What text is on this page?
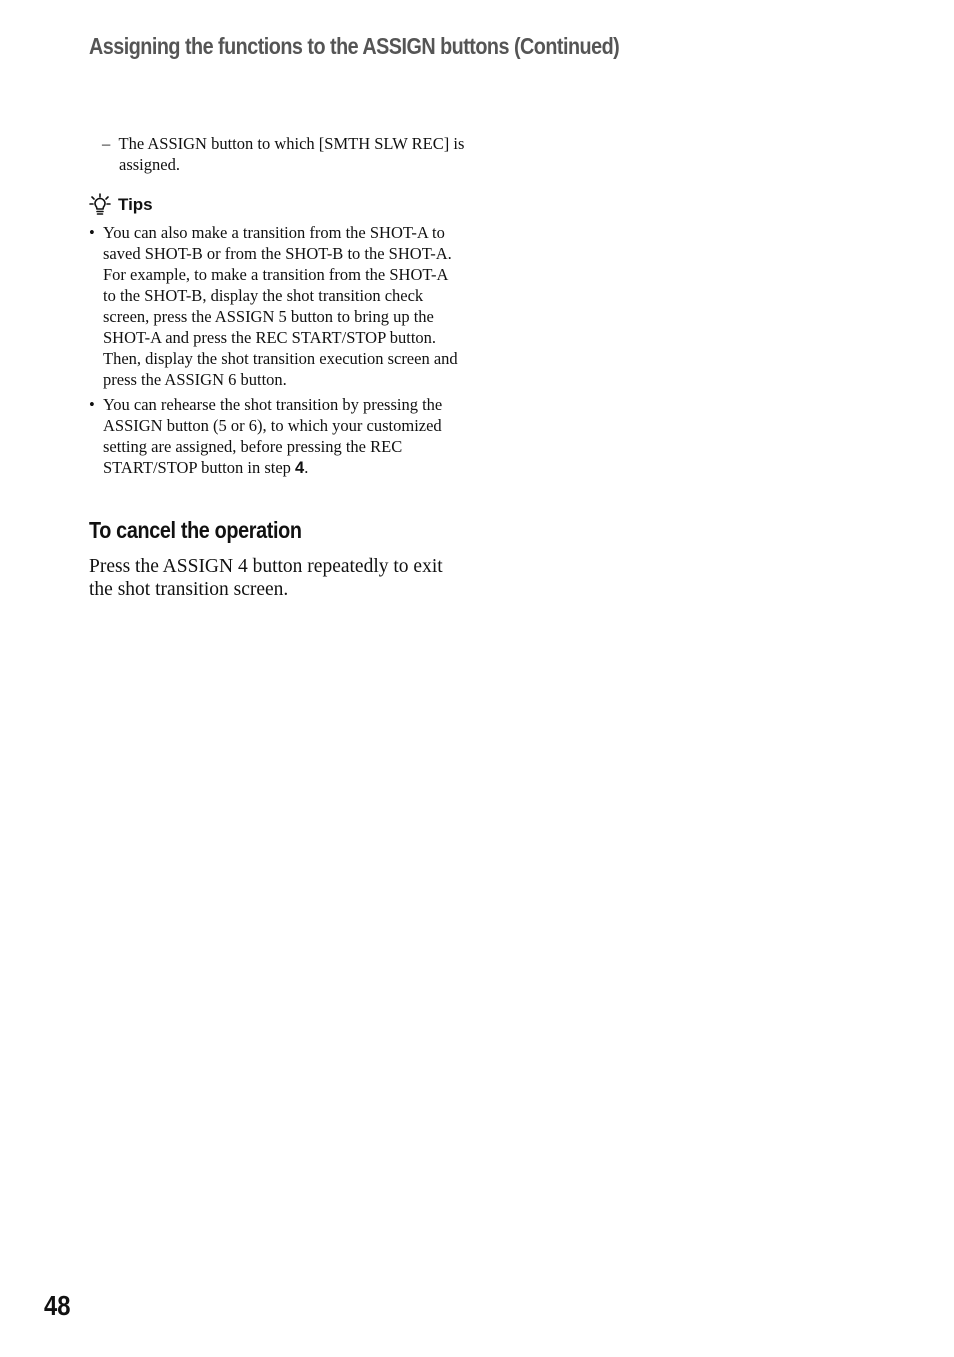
Assigning the functions to the ASSIGN buttons (Continued)
– The ASSIGN button to which [SMTH SLW REC] is assigned.
Tips
• You can also make a transition from the SHOT-A to saved SHOT-B or from the SHOT-B to the SHOT-A. For example, to make a transition from the SHOT-A to the SHOT-B, display the shot transition check screen, press the ASSIGN 5 button to bring up the SHOT-A and press the REC START/STOP button. Then, display the shot transition execution screen and press the ASSIGN 6 button.
• You can rehearse the shot transition by pressing the ASSIGN button (5 or 6), to which your customized setting are assigned, before pressing the REC START/STOP button in step 4.
To cancel the operation

Press the ASSIGN 4 button repeatedly to exit the shot transition screen.

48
